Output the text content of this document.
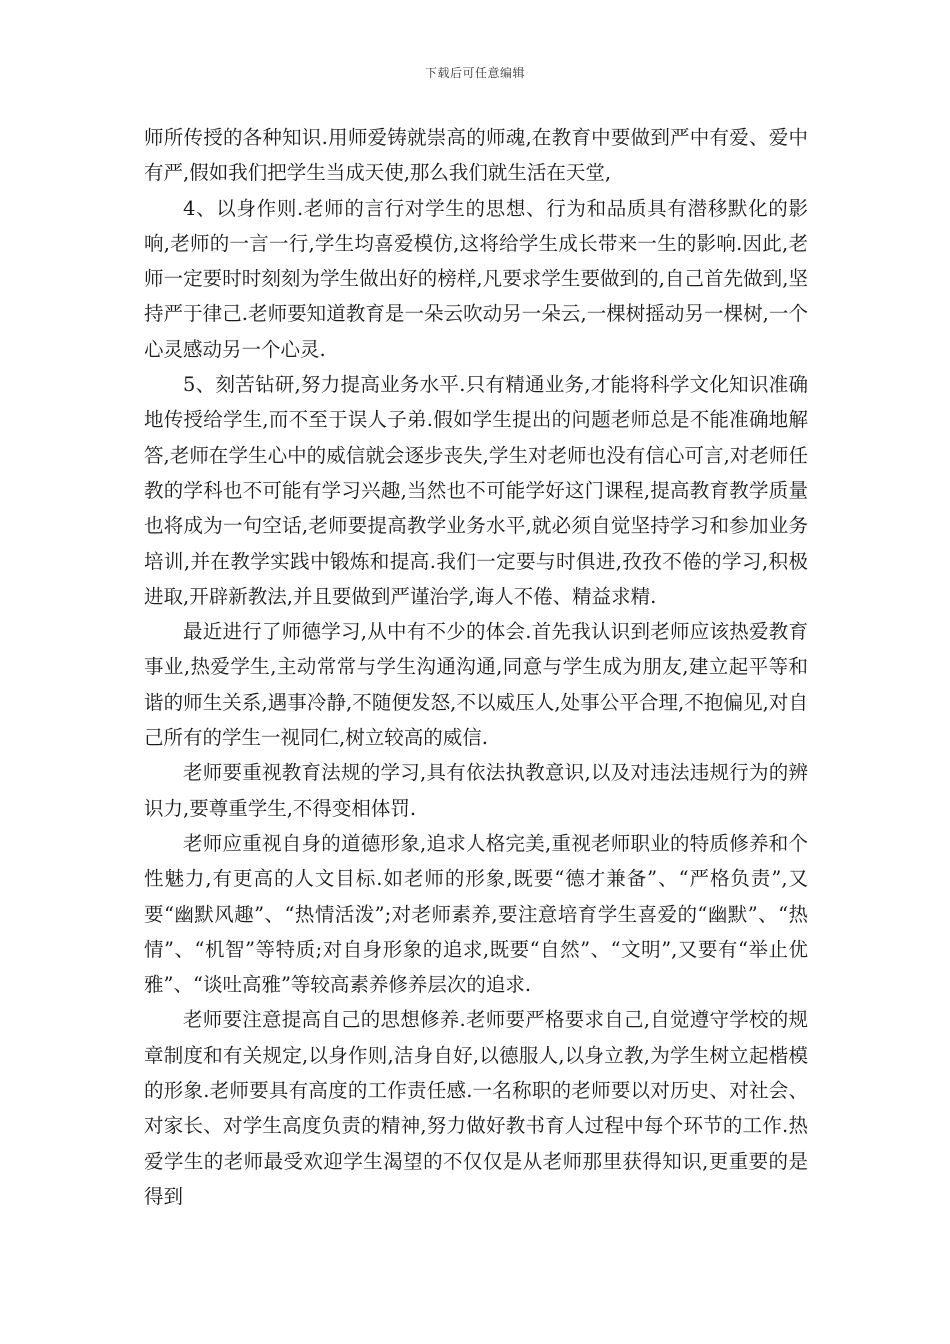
下载后可任意编辑

师所传授的各种知识.用师爱铸就崇高的师魂,在教育中要做到严中有爱、爱中有严,假如我们把学生当成天使,那么我们就生活在天堂,

4、以身作则.老师的言行对学生的思想、行为和品质具有潜移默化的影响,老师的一言一行,学生均喜爱模仿,这将给学生成长带来一生的影响.因此,老师一定要时时刻刻为学生做出好的榜样,凡要求学生要做到的,自己首先做到,坚持严于律己.老师要知道教育是一朵云吹动另一朵云,一棵树摇动另一棵树,一个心灵感动另一个心灵.

5、刻苦钻研,努力提高业务水平.只有精通业务,才能将科学文化知识准确地传授给学生,而不至于误人子弟.假如学生提出的问题老师总是不能准确地解答,老师在学生心中的威信就会逐步丧失,学生对老师也没有信心可言,对老师任教的学科也不可能有学习兴趣,当然也不可能学好这门课程,提高教育教学质量也将成为一句空话,老师要提高教学业务水平,就必须自觉坚持学习和参加业务培训,并在教学实践中锻炼和提高.我们一定要与时俱进,孜孜不倦的学习,积极进取,开辟新教法,并且要做到严谨治学,诲人不倦、精益求精.

最近进行了师德学习,从中有不少的体会.首先我认识到老师应该热爱教育事业,热爱学生,主动常常与学生沟通沟通,同意与学生成为朋友,建立起平等和谐的师生关系,遇事冷静,不随便发怒,不以威压人,处事公平合理,不抱偏见,对自己所有的学生一视同仁,树立较高的威信.

老师要重视教育法规的学习,具有依法执教意识,以及对违法违规行为的辨识力,要尊重学生,不得变相体罚.

老师应重视自身的道德形象,追求人格完美,重视老师职业的特质修养和个性魅力,有更高的人文目标.如老师的形象,既要“德才兼备”、“严格负责”,又要“幽默风趣”、“热情活泼”;对老师素养,要注意培育学生喜爱的“幽默”、“热情”、“机智”等特质;对自身形象的追求,既要“自然”、“文明”,又要有“举止优雅”、“谈吐高雅”等较高素养修养层次的追求.

老师要注意提高自己的思想修养.老师要严格要求自己,自觉遵守学校的规章制度和有关规定,以身作则,洁身自好,以德服人,以身立教,为学生树立起楷模的形象.老师要具有高度的工作责任感.一名称职的老师要以对历史、对社会、对家长、对学生高度负责的精神,努力做好教书育人过程中每个环节的工作.热爱学生的老师最受欢迎学生渴望的不仅仅是从老师那里获得知识,更重要的是得到
